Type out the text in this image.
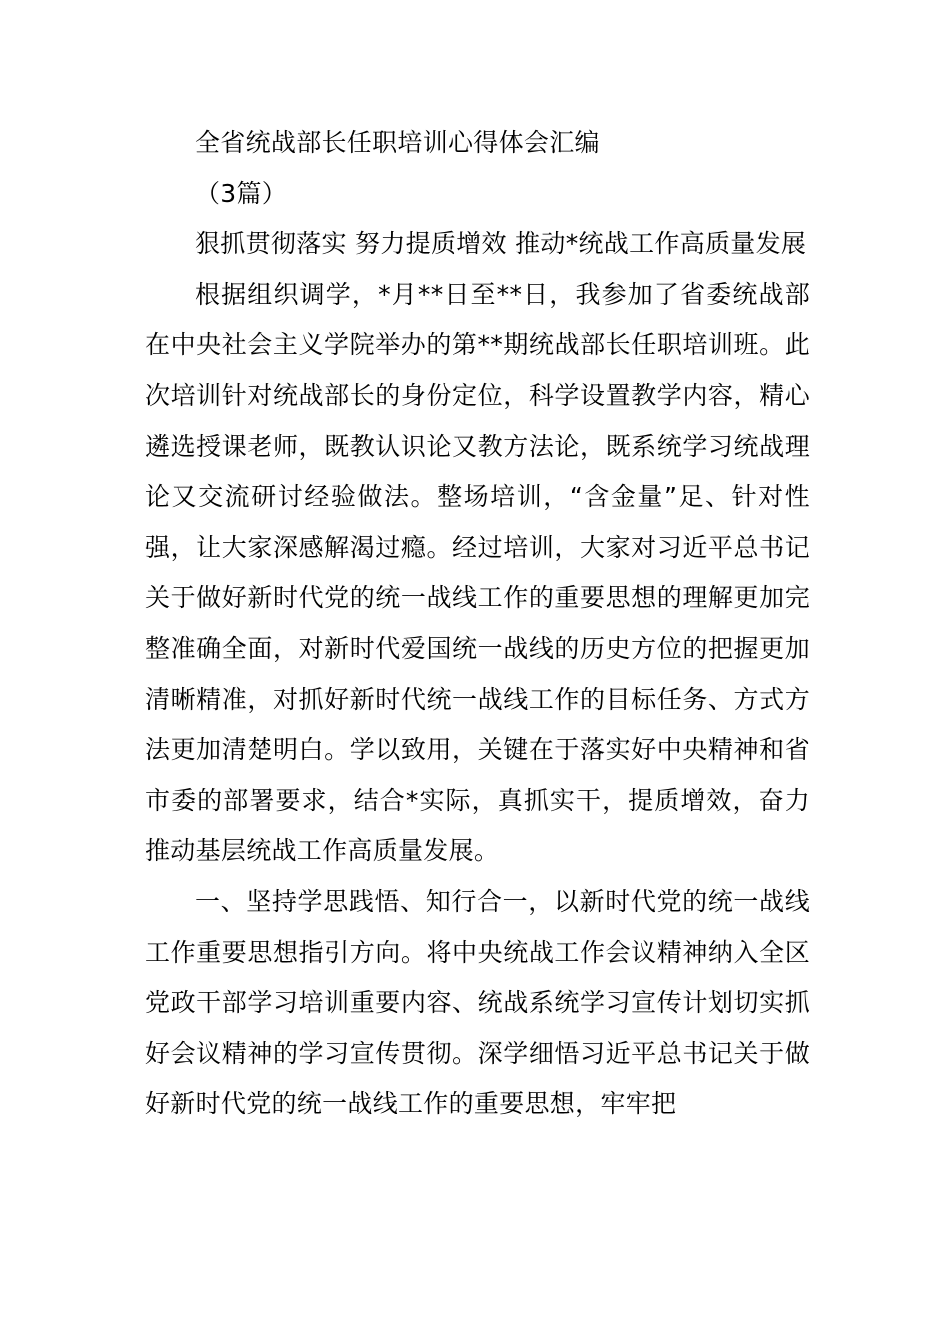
全省统战部长任职培训心得体会汇编

（3篇）

狠抓贯彻落实 努力提质增效 推动*统战工作高质量发展

根据组织调学，*月**日至**日，我参加了省委统战部在中央社会主义学院举办的第**期统战部长任职培训班。此次培训针对统战部长的身份定位，科学设置教学内容，精心遴选授课老师，既教认识论又教方法论，既系统学习统战理论又交流研讨经验做法。整场培训，“含金量”足、针对性强，让大家深感解渴过瘾。经过培训，大家对习近平总书记关于做好新时代党的统一战线工作的重要思想的理解更加完整准确全面，对新时代爱国统一战线的历史方位的把握更加清晰精准，对抓好新时代统一战线工作的目标任务、方式方法更加清楚明白。学以致用，关键在于落实好中央精神和省市委的部署要求，结合*实际，真抓实干，提质增效，奋力推动基层统战工作高质量发展。

一、坚持学思践悟、知行合一，以新时代党的统一战线工作重要思想指引方向。将中央统战工作会议精神纳入全区党政干部学习培训重要内容、统战系统学习宣传计划切实抓好会议精神的学习宣传贯彻。深学细悟习近平总书记关于做好新时代党的统一战线工作的重要思想，牢牢把
